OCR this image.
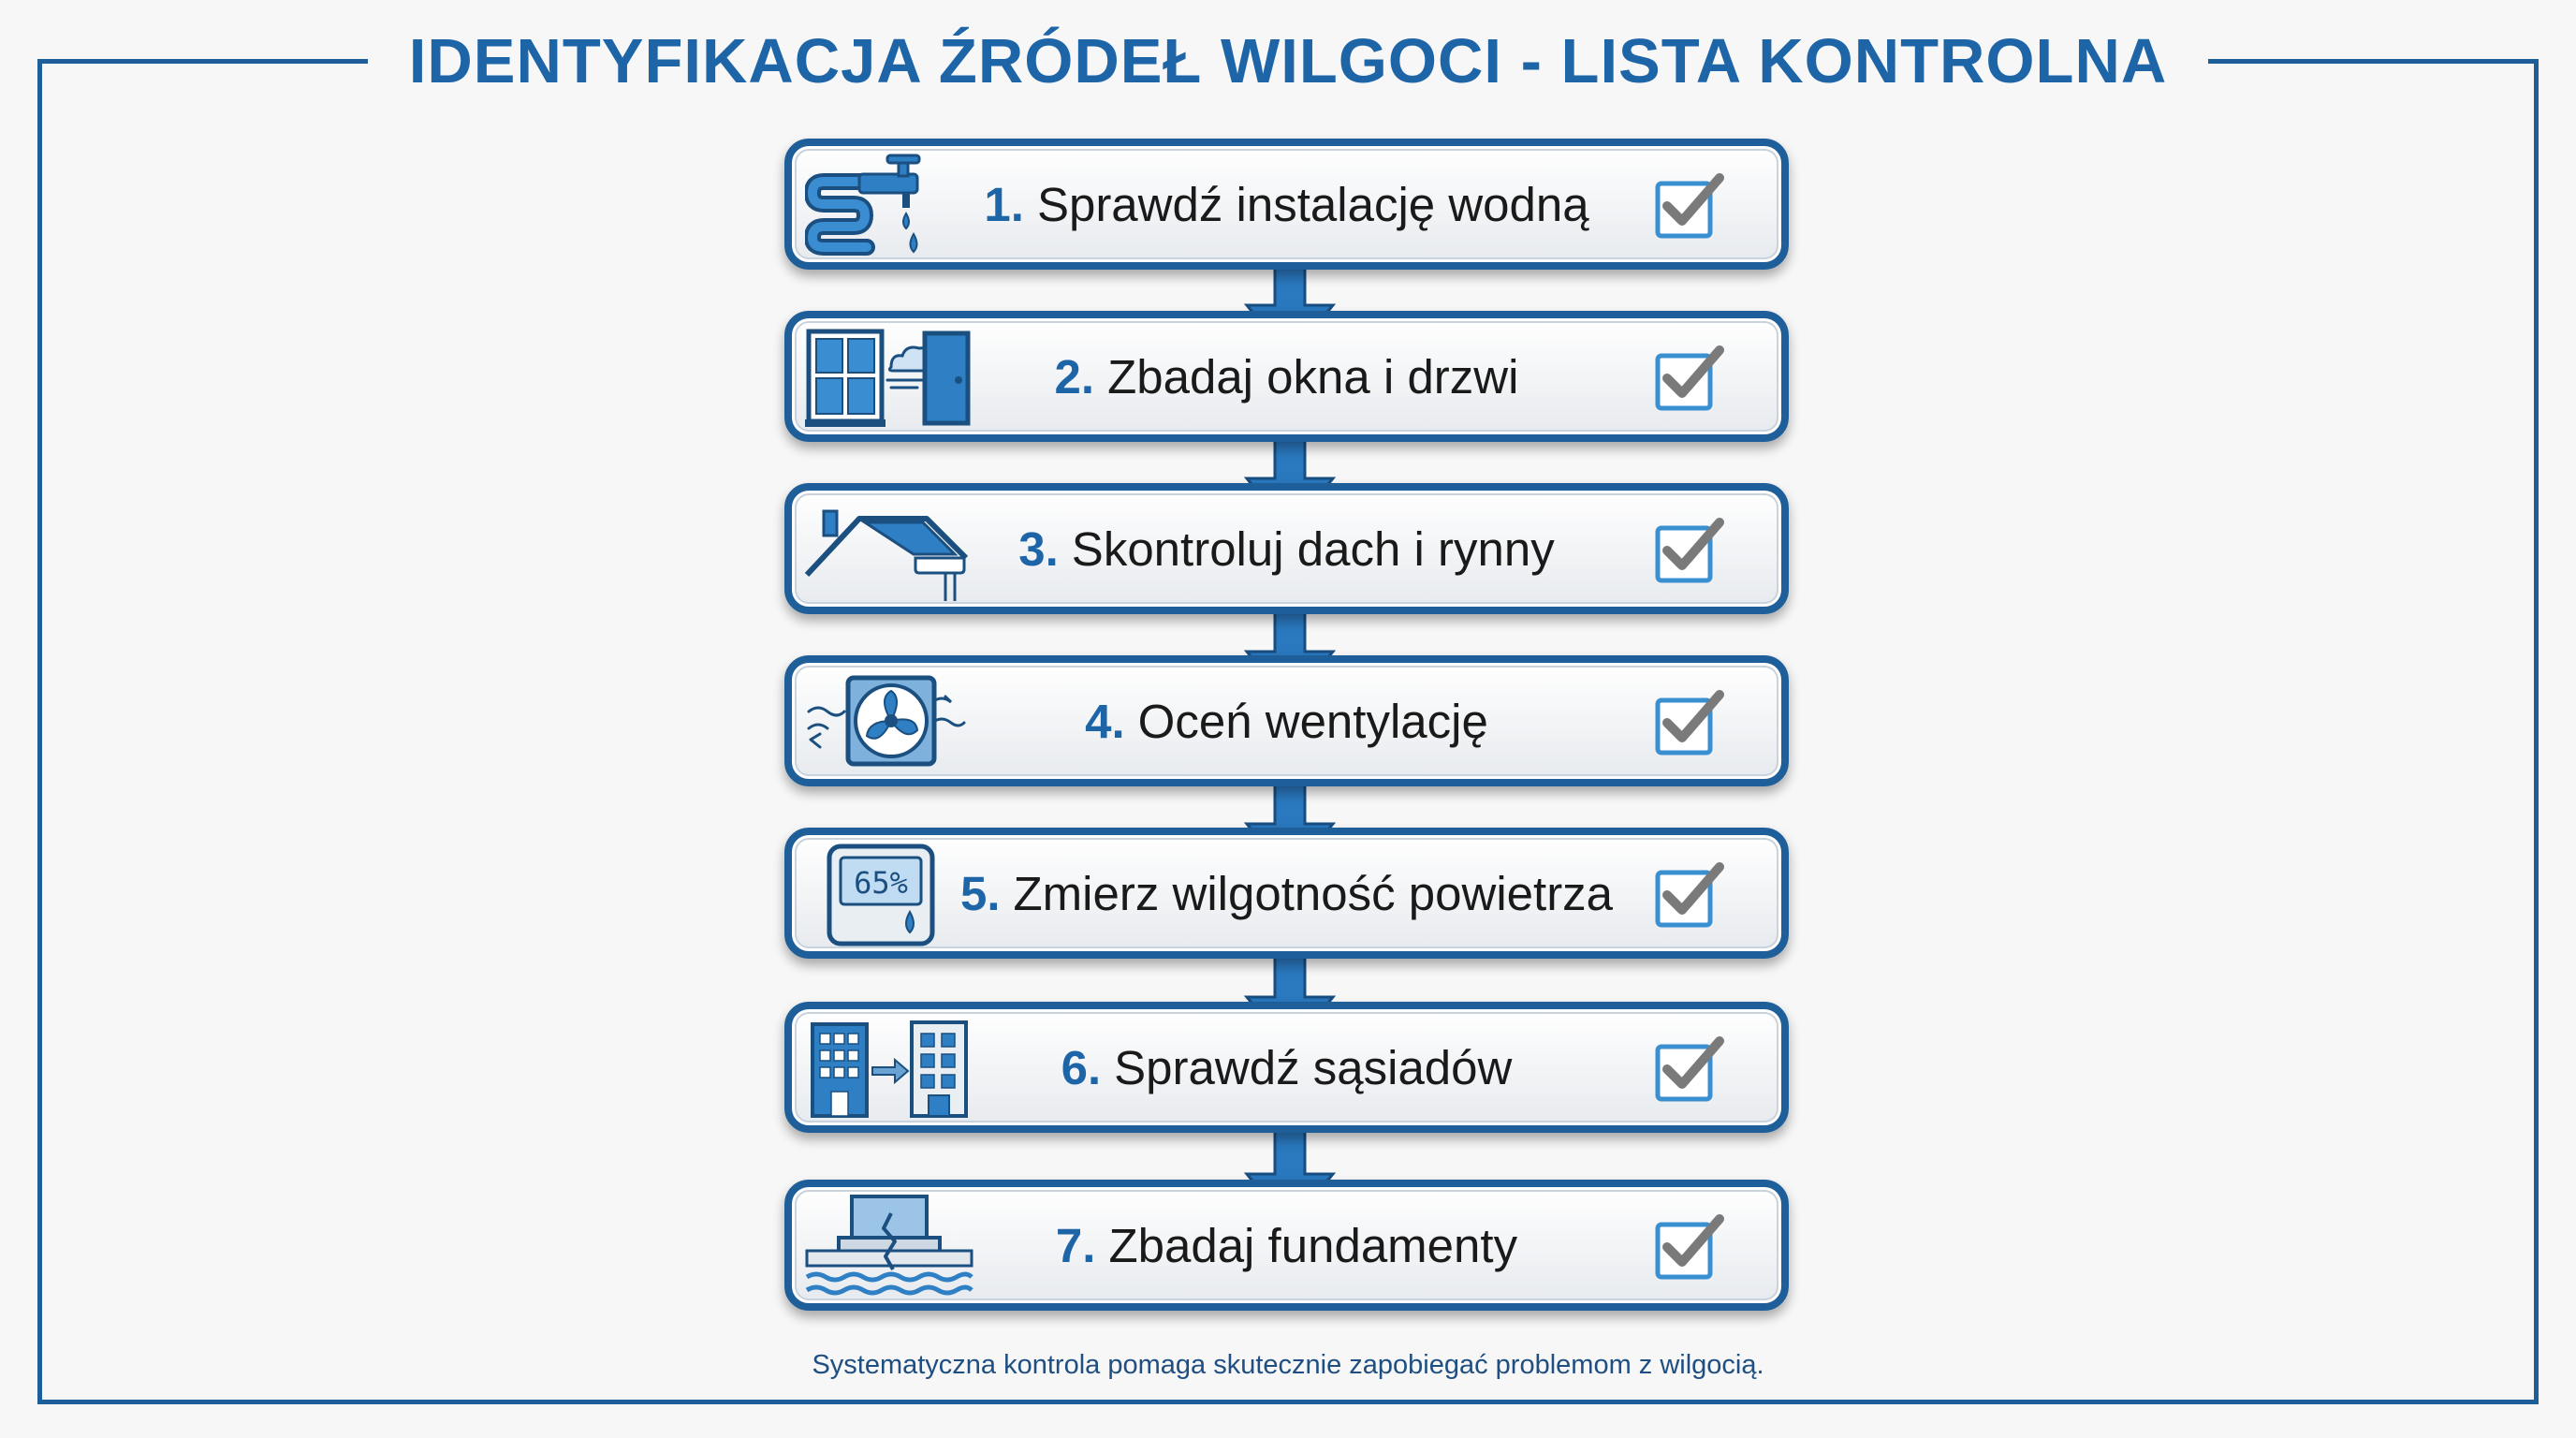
IDENTYFIKACJA ŹRÓDEŁ WILGOCI - LISTA KONTROLNA
1. Sprawdź instalację wodną
2. Zbadaj okna i drzwi
3. Skontroluj dach i rynny
4. Oceń wentylację
65% 5. Zmierz wilgotność powietrza
6. Sprawdź sąsiadów
7. Zbadaj fundamenty
Systematyczna kontrola pomaga skutecznie zapobiegać problemom z wilgocią.
